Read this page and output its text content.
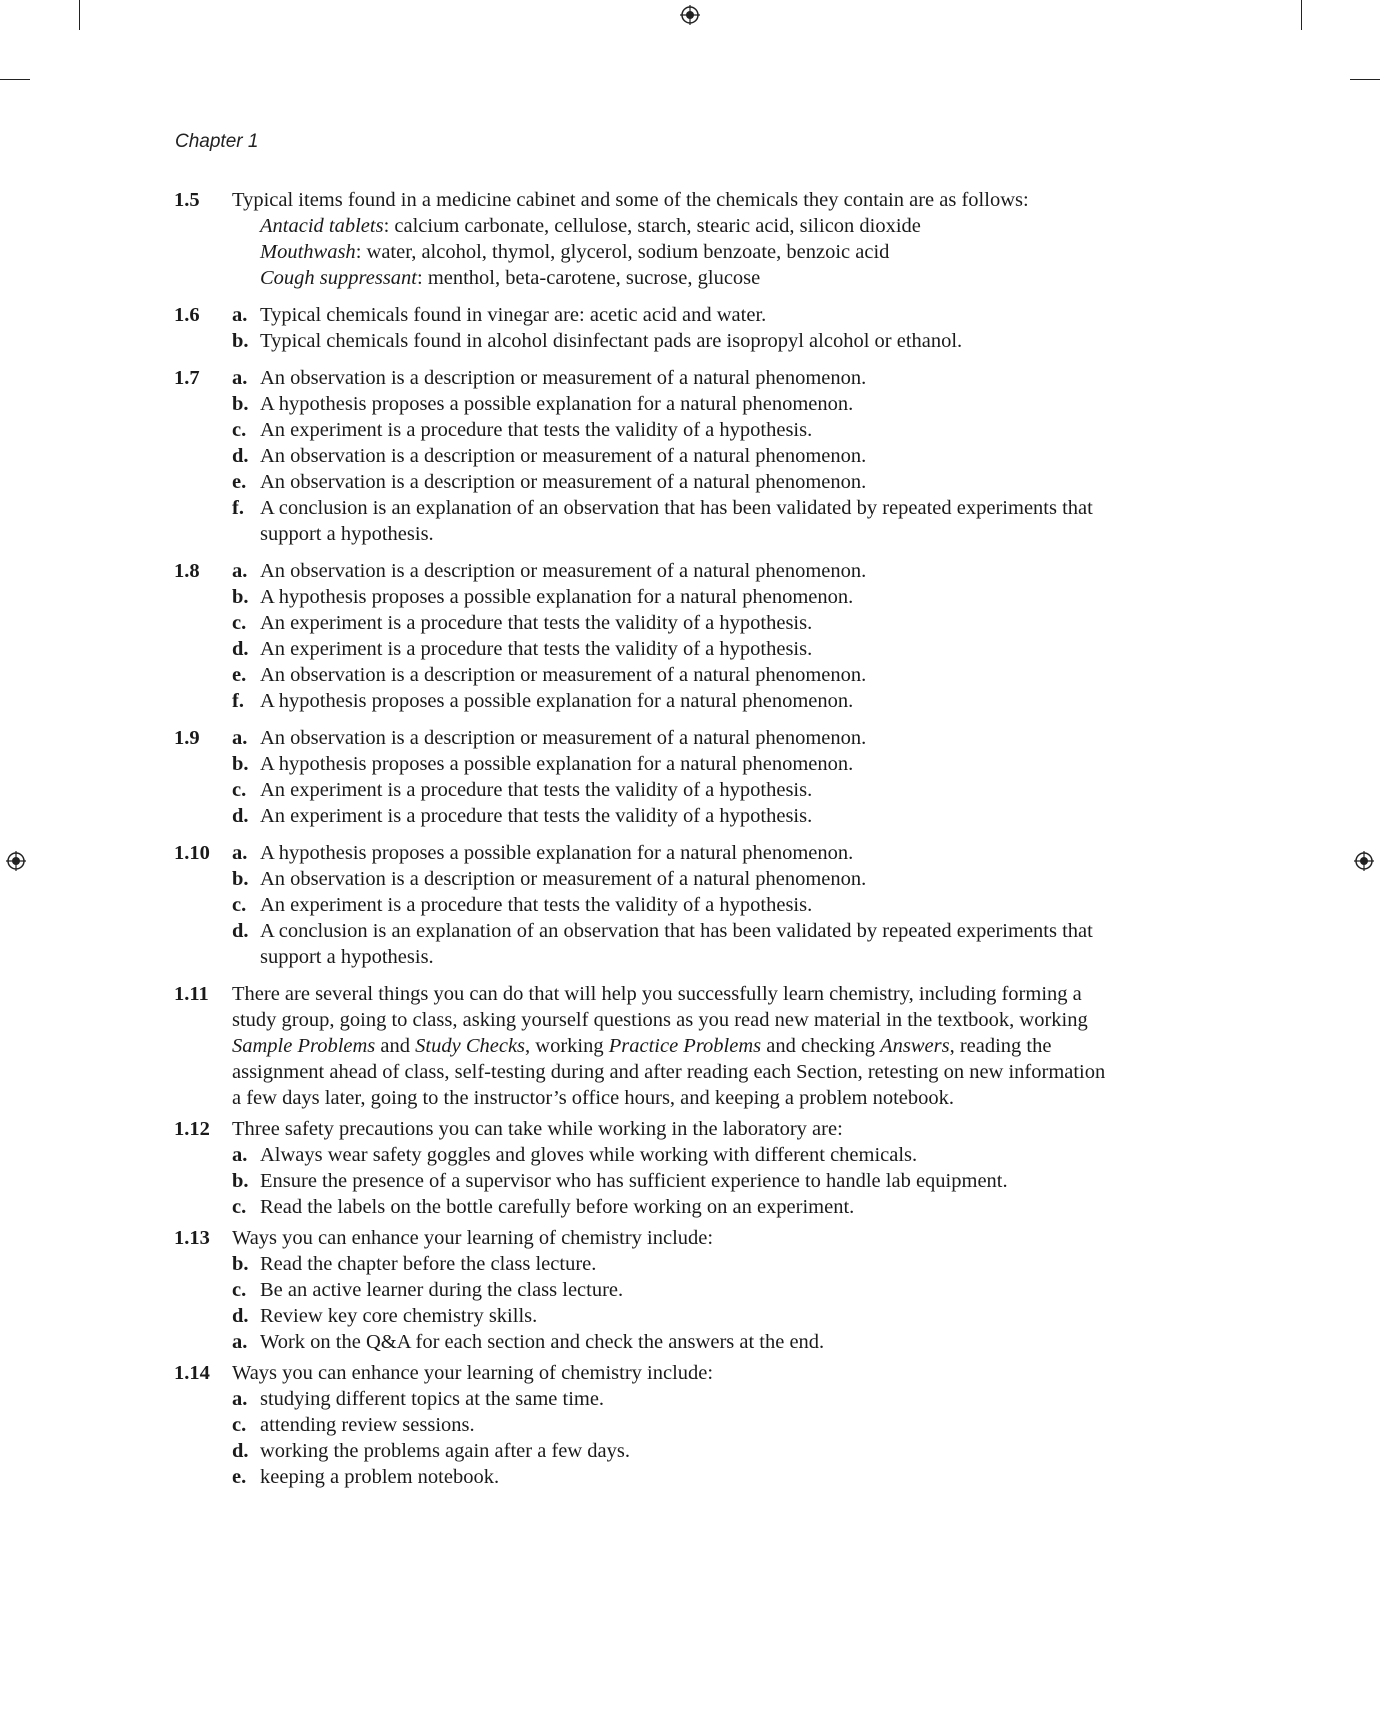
Chapter 1
1.5	Typical items found in a medicine cabinet and some of the chemicals they contain are as follows:
Antacid tablets: calcium carbonate, cellulose, starch, stearic acid, silicon dioxide
Mouthwash: water, alcohol, thymol, glycerol, sodium benzoate, benzoic acid
Cough suppressant: menthol, beta-carotene, sucrose, glucose
1.6	a. Typical chemicals found in vinegar are: acetic acid and water.
b. Typical chemicals found in alcohol disinfectant pads are isopropyl alcohol or ethanol.
1.7	a. An observation is a description or measurement of a natural phenomenon.
b. A hypothesis proposes a possible explanation for a natural phenomenon.
c. An experiment is a procedure that tests the validity of a hypothesis.
d. An observation is a description or measurement of a natural phenomenon.
e. An observation is a description or measurement of a natural phenomenon.
f. A conclusion is an explanation of an observation that has been validated by repeated experiments that support a hypothesis.
1.8	a. An observation is a description or measurement of a natural phenomenon.
b. A hypothesis proposes a possible explanation for a natural phenomenon.
c. An experiment is a procedure that tests the validity of a hypothesis.
d. An experiment is a procedure that tests the validity of a hypothesis.
e. An observation is a description or measurement of a natural phenomenon.
f. A hypothesis proposes a possible explanation for a natural phenomenon.
1.9	a. An observation is a description or measurement of a natural phenomenon.
b. A hypothesis proposes a possible explanation for a natural phenomenon.
c. An experiment is a procedure that tests the validity of a hypothesis.
d. An experiment is a procedure that tests the validity of a hypothesis.
1.10	a. A hypothesis proposes a possible explanation for a natural phenomenon.
b. An observation is a description or measurement of a natural phenomenon.
c. An experiment is a procedure that tests the validity of a hypothesis.
d. A conclusion is an explanation of an observation that has been validated by repeated experiments that support a hypothesis.
1.11	There are several things you can do that will help you successfully learn chemistry, including forming a study group, going to class, asking yourself questions as you read new material in the textbook, working Sample Problems and Study Checks, working Practice Problems and checking Answers, reading the assignment ahead of class, self-testing during and after reading each Section, retesting on new information a few days later, going to the instructor’s office hours, and keeping a problem notebook.
1.12	Three safety precautions you can take while working in the laboratory are:
a. Always wear safety goggles and gloves while working with different chemicals.
b. Ensure the presence of a supervisor who has sufficient experience to handle lab equipment.
c. Read the labels on the bottle carefully before working on an experiment.
1.13	Ways you can enhance your learning of chemistry include:
b. Read the chapter before the class lecture.
c. Be an active learner during the class lecture.
d. Review key core chemistry skills.
a. Work on the Q&A for each section and check the answers at the end.
1.14	Ways you can enhance your learning of chemistry include:
a. studying different topics at the same time.
c. attending review sessions.
d. working the problems again after a few days.
e. keeping a problem notebook.
